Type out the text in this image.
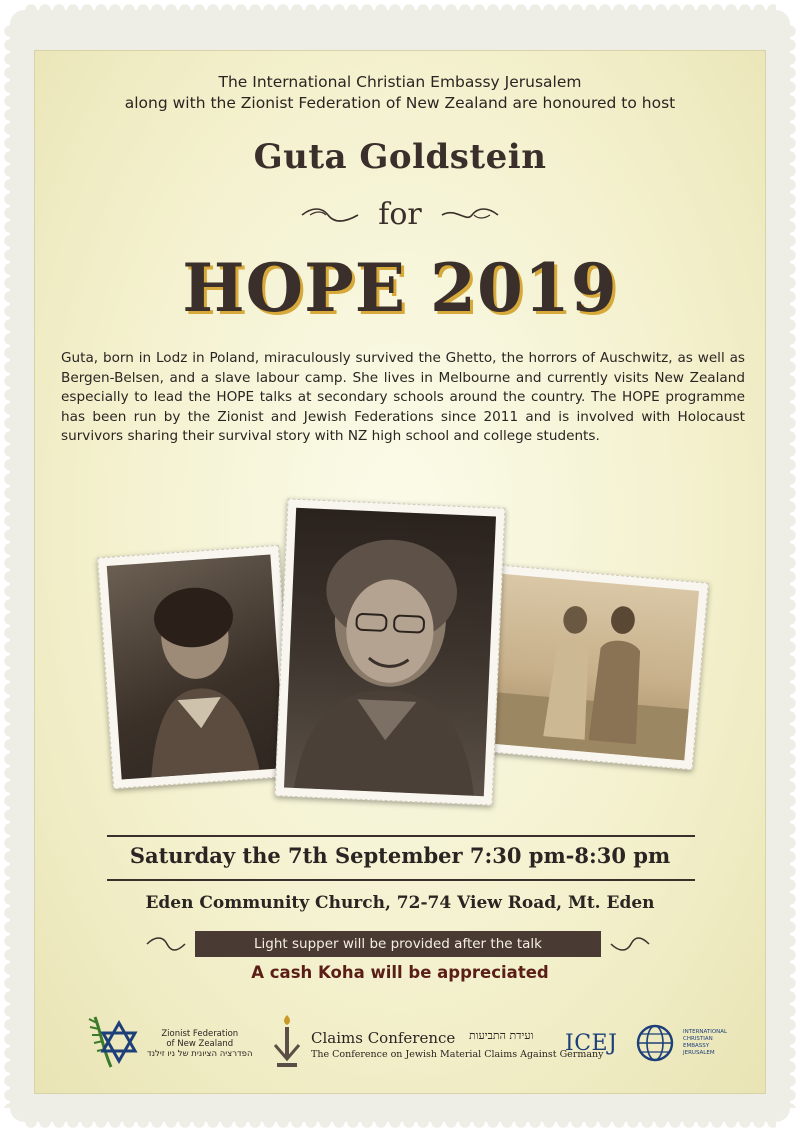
The International Christian Embassy Jerusalem
along with the Zionist Federation of New Zealand are honoured to host
Guta Goldstein
for
HOPE 2019
Guta, born in Lodz in Poland, miraculously survived the Ghetto, the horrors of Auschwitz, as well as Bergen-Belsen, and a slave labour camp. She lives in Melbourne and currently visits New Zealand especially to lead the HOPE talks at secondary schools around the country. The HOPE programme has been run by the Zionist and Jewish Federations since 2011 and is involved with Holocaust survivors sharing their survival story with NZ high school and college students.
Saturday the 7th September 7:30 pm-8:30 pm
Eden Community Church, 72-74 View Road, Mt. Eden
Light supper will be provided after the talk
A cash Koha will be appreciated
Zionist Federation
of New Zealand
הפדרציה הציונית של ניו זילנד
Claims Conference ועידת התביעות
The Conference on Jewish Material Claims Against Germany
ICEJ	INTERNATIONAL
CHRISTIAN
EMBASSY
JERUSALEM
